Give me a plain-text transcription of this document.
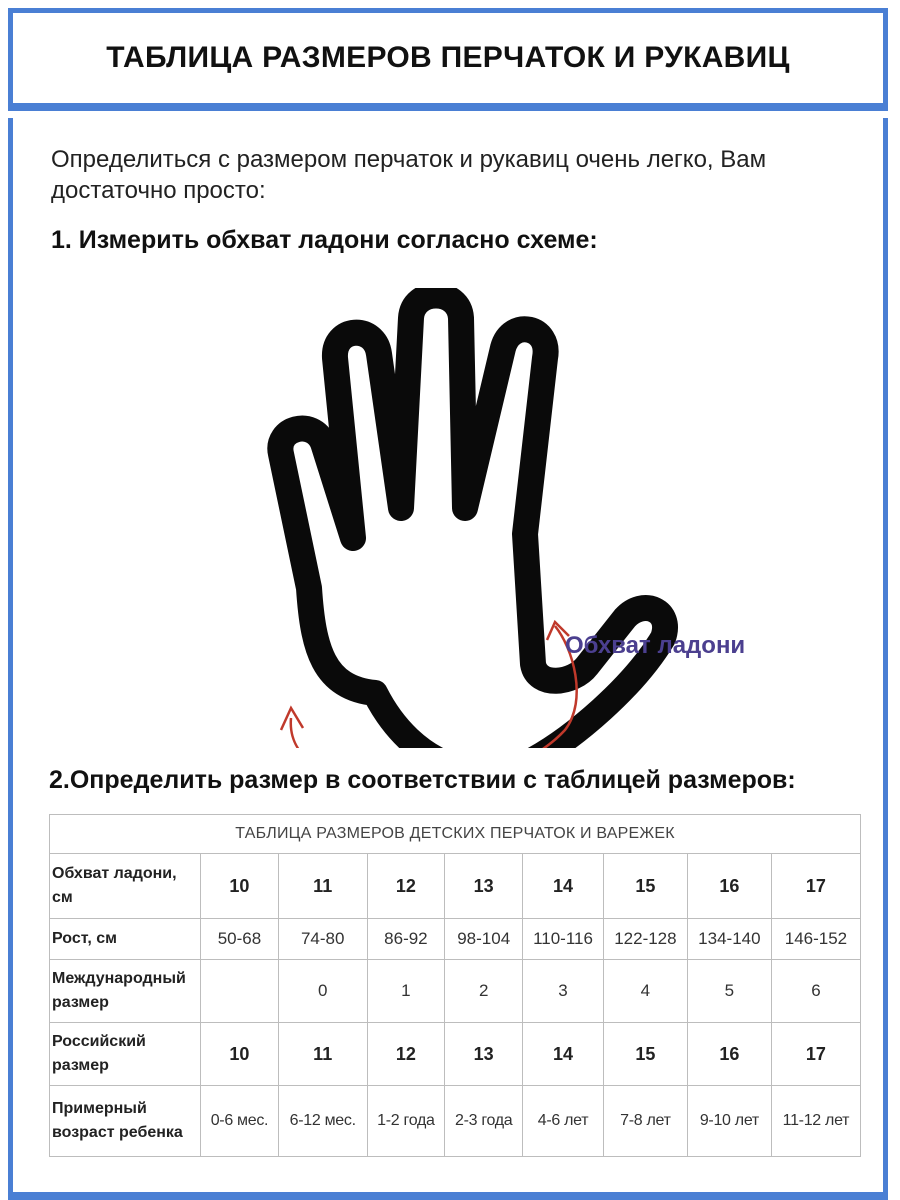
ТАБЛИЦА РАЗМЕРОВ ПЕРЧАТОК И РУКАВИЦ
Определиться с размером перчаток и рукавиц очень легко, Вам достаточно просто:
1. Измерить обхват ладони согласно схеме:
Обхват ладони
2.Определить размер в соответствии с таблицей размеров:
ТАБЛИЦА РАЗМЕРОВ ДЕТСКИХ ПЕРЧАТОК И ВАРЕЖЕК								
Обхват ладони, см	10	11	12	13	14	15	16	17
Рост, см	50-68	74-80	86-92	98-104	110-116	122-128	134-140	146-152
Международный размер		0	1	2	3	4	5	6
Российский размер	10	11	12	13	14	15	16	17
Примерный возраст ребенка	0-6 мес.	6-12 мес.	1-2 года	2-3 года	4-6 лет	7-8 лет	9-10 лет	11-12 лет
